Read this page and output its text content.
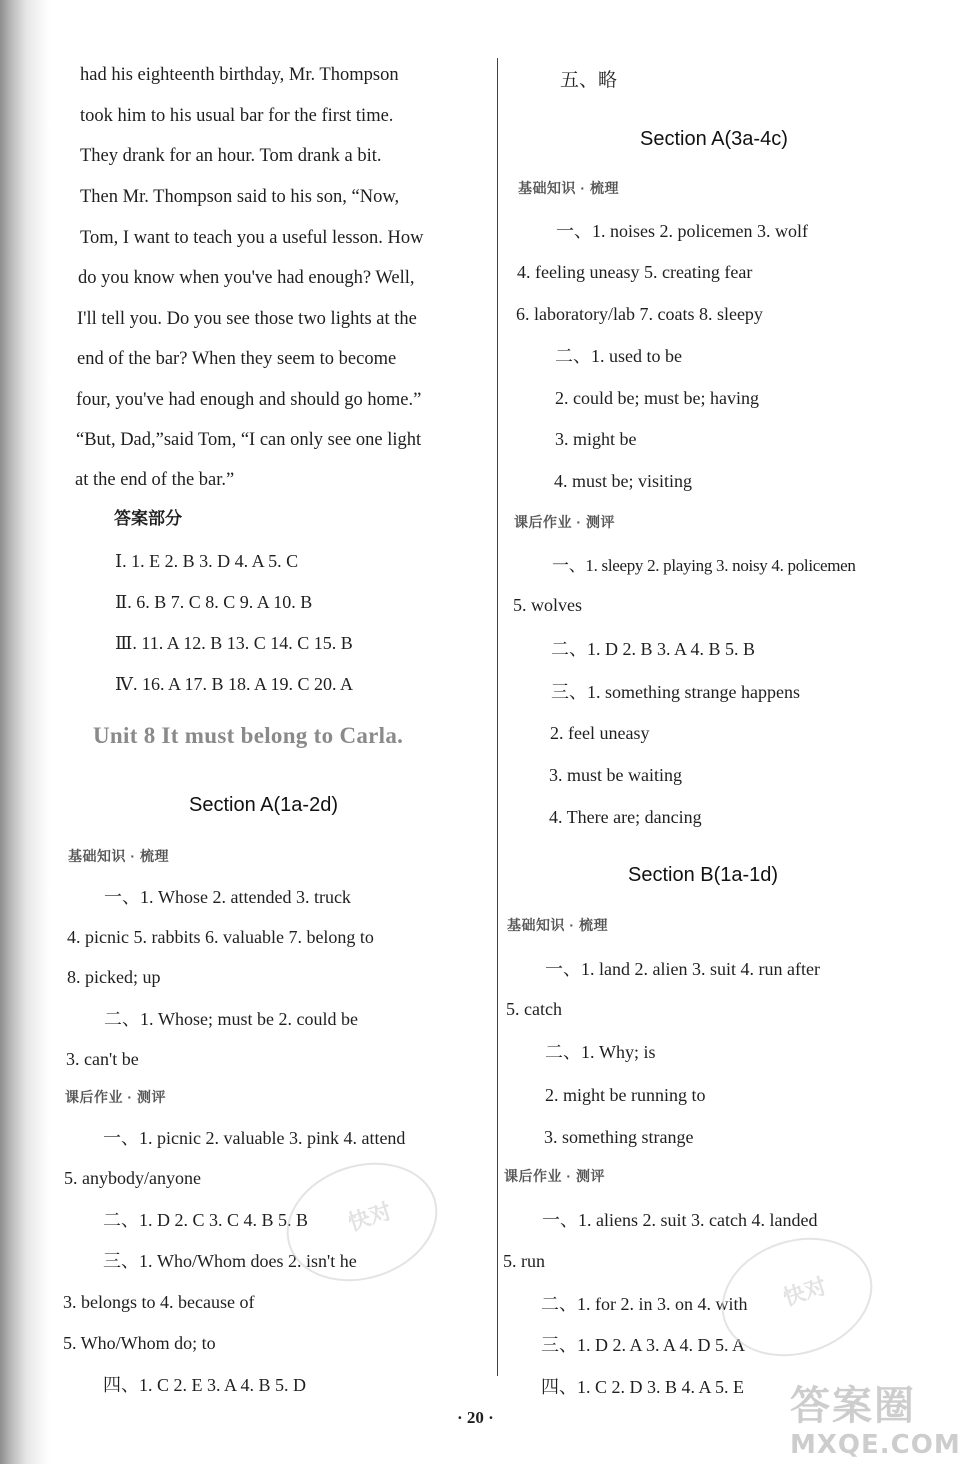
had his eighteenth birthday, Mr. Thompson
took him to his usual bar for the first time.
They drank for an hour. Tom drank a bit.
Then Mr. Thompson said to his son, “Now,
Tom, I want to teach you a useful lesson. How
do you know when you've had enough? Well,
I'll tell you. Do you see those two lights at the
end of the bar? When they seem to become
four, you've had enough and should go home.”
“But, Dad,”said Tom, “I can only see one light
at the end of the bar.”
答案部分
Ⅰ. 1. E 2. B 3. D 4. A 5. C
Ⅱ. 6. B 7. C 8. C 9. A 10. B
Ⅲ. 11. A 12. B 13. C 14. C 15. B
Ⅳ. 16. A 17. B 18. A 19. C 20. A
Unit 8 It must belong to Carla.
Section A(1a-2d)
基础知识 · 梳理
一、1. Whose 2. attended 3. truck
4. picnic 5. rabbits 6. valuable 7. belong to
8. picked; up
二、1. Whose; must be 2. could be
3. can't be
课后作业 · 测评
一、1. picnic 2. valuable 3. pink 4. attend
5. anybody/anyone
二、1. D 2. C 3. C 4. B 5. B
三、1. Who/Whom does 2. isn't he
3. belongs to 4. because of
5. Who/Whom do; to
四、1. C 2. E 3. A 4. B 5. D
五、略
Section A(3a-4c)
基础知识 · 梳理
一、1. noises 2. policemen 3. wolf
4. feeling uneasy 5. creating fear
6. laboratory/lab 7. coats 8. sleepy
二、1. used to be
2. could be; must be; having
3. might be
4. must be; visiting
课后作业 · 测评
一、1. sleepy 2. playing 3. noisy 4. policemen
5. wolves
二、1. D 2. B 3. A 4. B 5. B
三、1. something strange happens
2. feel uneasy
3. must be waiting
4. There are; dancing
Section B(1a-1d)
基础知识 · 梳理
一、1. land 2. alien 3. suit 4. run after
5. catch
二、1. Why; is
2. might be running to
3. something strange
课后作业 · 测评
一、1. aliens 2. suit 3. catch 4. landed
5. run
二、1. for 2. in 3. on 4. with
三、1. D 2. A 3. A 4. D 5. A
四、1. C 2. D 3. B 4. A 5. E
· 20 ·
快对
快对
答案圈
MXQE.COM
